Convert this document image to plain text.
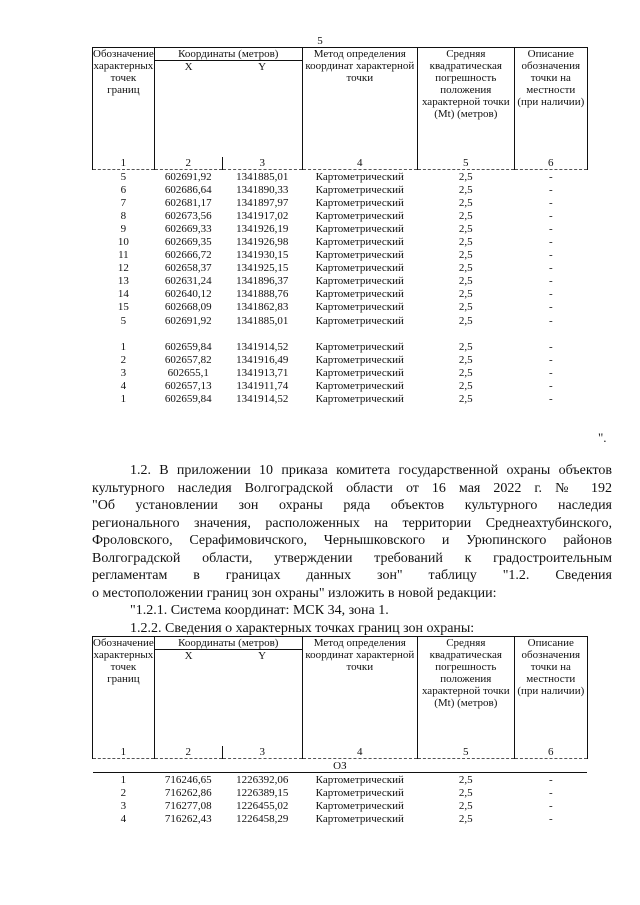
5
Обозначение характерных точек границ	Координаты (метров)		Метод определения координат характерной точки	Средняя квадратическая погрешность положения характерной точки (Mt) (метров)	Описание обозначения точки на местности (при наличии)
	X	Y			
1	2	3	4	5	6
5	602691,92	1341885,01	Картометрический	2,5	-
6	602686,64	1341890,33	Картометрический	2,5	-
7	602681,17	1341897,97	Картометрический	2,5	-
8	602673,56	1341917,02	Картометрический	2,5	-
9	602669,33	1341926,19	Картометрический	2,5	-
10	602669,35	1341926,98	Картометрический	2,5	-
11	602666,72	1341930,15	Картометрический	2,5	-
12	602658,37	1341925,15	Картометрический	2,5	-
13	602631,24	1341896,37	Картометрический	2,5	-
14	602640,12	1341888,76	Картометрический	2,5	-
15	602668,09	1341862,83	Картометрический	2,5	-
5	602691,92	1341885,01	Картометрический	2,5	-

1	602659,84	1341914,52	Картометрический	2,5	-
2	602657,82	1341916,49	Картометрический	2,5	-
3	602655,1	1341913,71	Картометрический	2,5	-
4	602657,13	1341911,74	Картометрический	2,5	-
1	602659,84	1341914,52	Картометрический	2,5	-
".

1.2. В приложении 10 приказа комитета государственной охраны объектов

культурного наследия Волгоградской области от 16 мая 2022 г. № 192

"Об установлении зон охраны ряда объектов культурного наследия

регионального значения, расположенных на территории Среднеахтубинского,

Фроловского, Серафимовичского, Чернышковского и Урюпинского районов

Волгоградской области, утверждении требований к градостроительным

регламентам в границах данных зон" таблицу "1.2. Сведения

о местоположении границ зон охраны" изложить в новой редакции:

"1.2.1. Система координат: МСК 34, зона 1.

1.2.2. Сведения о характерных точках границ зон охраны:

Обозначение характерных точек границ	Координаты (метров)		Метод определения координат характерной точки	Средняя квадратическая погрешность положения характерной точки (Mt) (метров)	Описание обозначения точки на местности (при наличии)
	X	Y			
1	2	3	4	5	6
ОЗ					
1	716246,65	1226392,06	Картометрический	2,5	-
2	716262,86	1226389,15	Картометрический	2,5	-
3	716277,08	1226455,02	Картометрический	2,5	-
4	716262,43	1226458,29	Картометрический	2,5	-
